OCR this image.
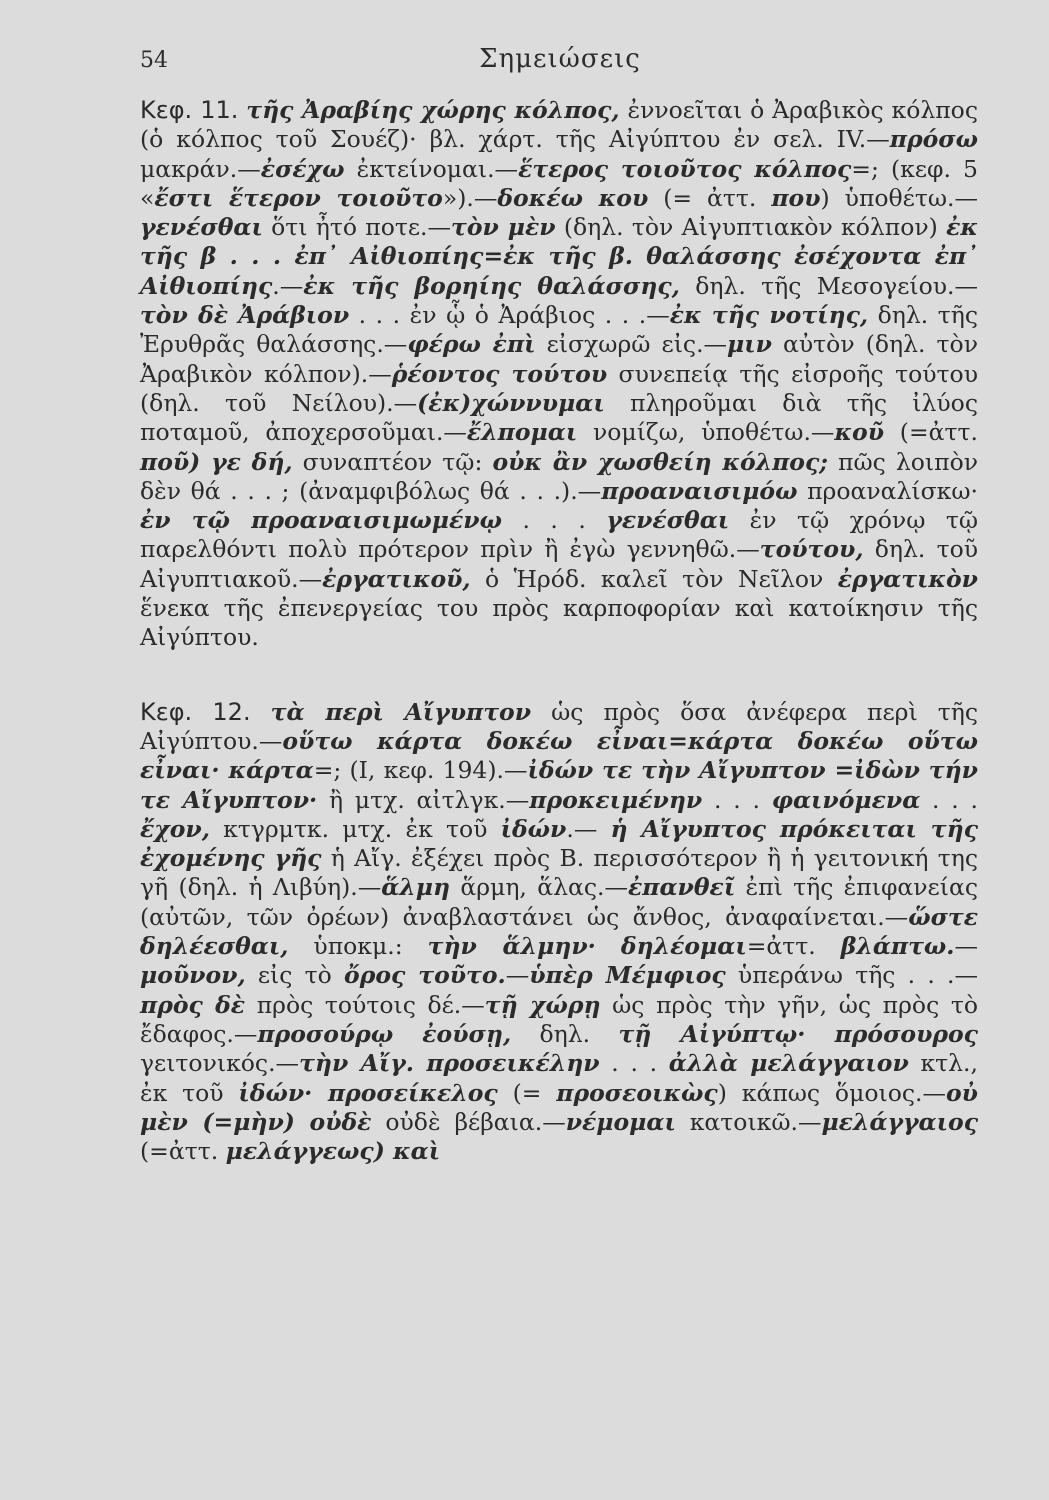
54	Σημειώσεις

Κεφ. 11. τῆς Ἀραβίης χώρης κόλπος, ἐννοεῖται ὁ Ἀραβικὸς κόλπος (ὁ κόλπος τοῦ Σουέζ)· βλ. χάρτ. τῆς Αἰγύπτου ἐν σελ. IV.—πρόσω μακράν.—ἐσέχω ἐκτείνομαι.—ἕτερος τοιοῦτος κόλπος=; (κεφ. 5 «ἔστι ἕτερον τοιοῦτο»).—δοκέω κου (= ἀττ. που) ὑποθέτω.—γενέσθαι ὅτι ἦτό ποτε.—τὸν μὲν (δηλ. τὸν Αἰγυπτιακὸν κόλπον) ἐκ τῆς β . . . ἐπ᾿ Αἰθιοπίης=ἐκ τῆς β. θαλάσσης ἐσέχοντα ἐπ᾿ Αἰθιοπίης.—ἐκ τῆς βορηίης θαλάσσης, δηλ. τῆς Μεσογείου.—τὸν δὲ Ἀράβιον . . . ἐν ᾧ ὁ Ἀράβιος . . .—ἐκ τῆς νοτίης, δηλ. τῆς Ἐρυθρᾶς θαλάσσης.—φέρω ἐπὶ εἰσχωρῶ εἰς.—μιν αὐτὸν (δηλ. τὸν Ἀραβικὸν κόλπον).—ῥέοντος τούτου συνεπείᾳ τῆς εἰσροῆς τούτου (δηλ. τοῦ Νείλου).—(ἐκ)χώννυμαι πληροῦμαι διὰ τῆς ἰλύος ποταμοῦ, ἀποχερσοῦμαι.—ἔλπομαι νομίζω, ὑποθέτω.—κοῦ (=ἀττ. ποῦ) γε δή, συναπτέον τῷ: οὐκ ἂν χωσθείη κόλπος; πῶς λοιπὸν δὲν θά . . . ; (ἀναμφιβόλως θά . . .).—προαναισιμόω προαναλίσκω· ἐν τῷ προαναισιμωμένῳ . . . γενέσθαι ἐν τῷ χρόνῳ τῷ παρελθόντι πολὺ πρότερον πρὶν ἢ ἐγὼ γεννηθῶ.—τούτου, δηλ. τοῦ Αἰγυπτιακοῦ.—ἐργατικοῦ, ὁ Ἡρόδ. καλεῖ τὸν Νεῖλον ἐργατικὸν ἕνεκα τῆς ἐπενεργείας του πρὸς καρποφορίαν καὶ κατοίκησιν τῆς Αἰγύπτου.

Κεφ. 12. τὰ περὶ Αἴγυπτον ὡς πρὸς ὅσα ἀνέφερα περὶ τῆς Αἰγύπτου.—οὕτω κάρτα δοκέω εἶναι=κάρτα δοκέω οὕτω εἶναι· κάρτα=; (I, κεφ. 194).—ἰδών τε τὴν Αἴγυπτον =ἰδὼν τήν τε Αἴγυπτον· ἢ μτχ. αἰτλγκ.—προκειμένην . . . φαινόμενα . . . ἔχον, κτγρμτκ. μτχ. ἐκ τοῦ ἰδών.— ἡ Αἴγυπτος πρόκειται τῆς ἐχομένης γῆς ἡ Αἴγ. ἐξέχει πρὸς Β. περισσότερον ἢ ἡ γειτονική της γῆ (δηλ. ἡ Λιβύη).—ἅλμη ἅρμη, ἅλας.—ἐπανθεῖ ἐπὶ τῆς ἐπιφανείας (αὐτῶν, τῶν ὀρέων) ἀναβλαστάνει ὡς ἄνθος, ἀναφαίνεται.—ὥστε δηλέεσθαι, ὑποκμ.: τὴν ἅλμην· δηλέομαι=ἀττ. βλάπτω.—μοῦνον, εἰς τὸ ὄρος τοῦτο.—ὑπὲρ Μέμφιος ὑπεράνω τῆς . . .—πρὸς δὲ πρὸς τούτοις δέ.—τῇ χώρῃ ὡς πρὸς τὴν γῆν, ὡς πρὸς τὸ ἔδαφος.—προσούρῳ ἐούσῃ, δηλ. τῇ Αἰγύπτῳ· πρόσουρος γειτονικός.—τὴν Αἴγ. προσεικέλην . . . ἀλλὰ μελάγγαιον κτλ., ἐκ τοῦ ἰδών· προσείκελος (= προσεοικὼς) κάπως ὅμοιος.—οὐ μὲν (=μὴν) οὐδὲ οὐδὲ βέβαια.—νέμομαι κατοικῶ.—μελάγγαιος (=ἀττ. μελάγγεως) καὶ
